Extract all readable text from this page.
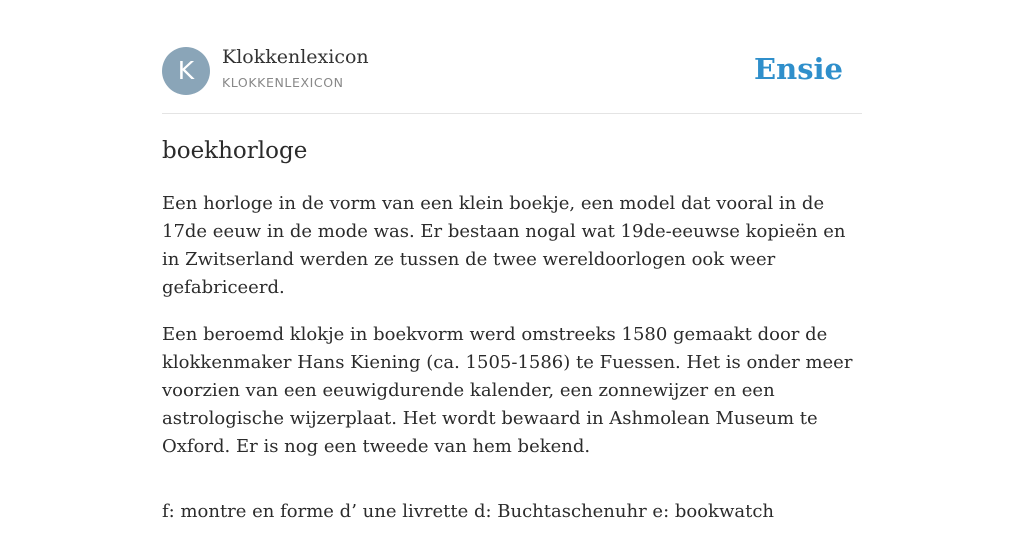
K	Klokkenlexicon
KLOKKENLEXICON	Ensie
boekhorloge

Een horloge in de vorm van een klein boekje, een model dat vooral in de 17de eeuw in de mode was. Er bestaan nogal wat 19de-eeuwse kopieën en in Zwitserland werden ze tussen de twee wereldoorlogen ook weer gefabriceerd.

Een beroemd klokje in boekvorm werd omstreeks 1580 gemaakt door de klokkenmaker Hans Kiening (ca. 1505-1586) te Fuessen. Het is onder meer voorzien van een eeuwigdurende kalender, een zonnewijzer en een astrologische wijzerplaat. Het wordt bewaard in Ashmolean Museum te Oxford. Er is nog een tweede van hem bekend.

f: montre en forme d’ une livrette d: Buchtaschenuhr e: bookwatch
